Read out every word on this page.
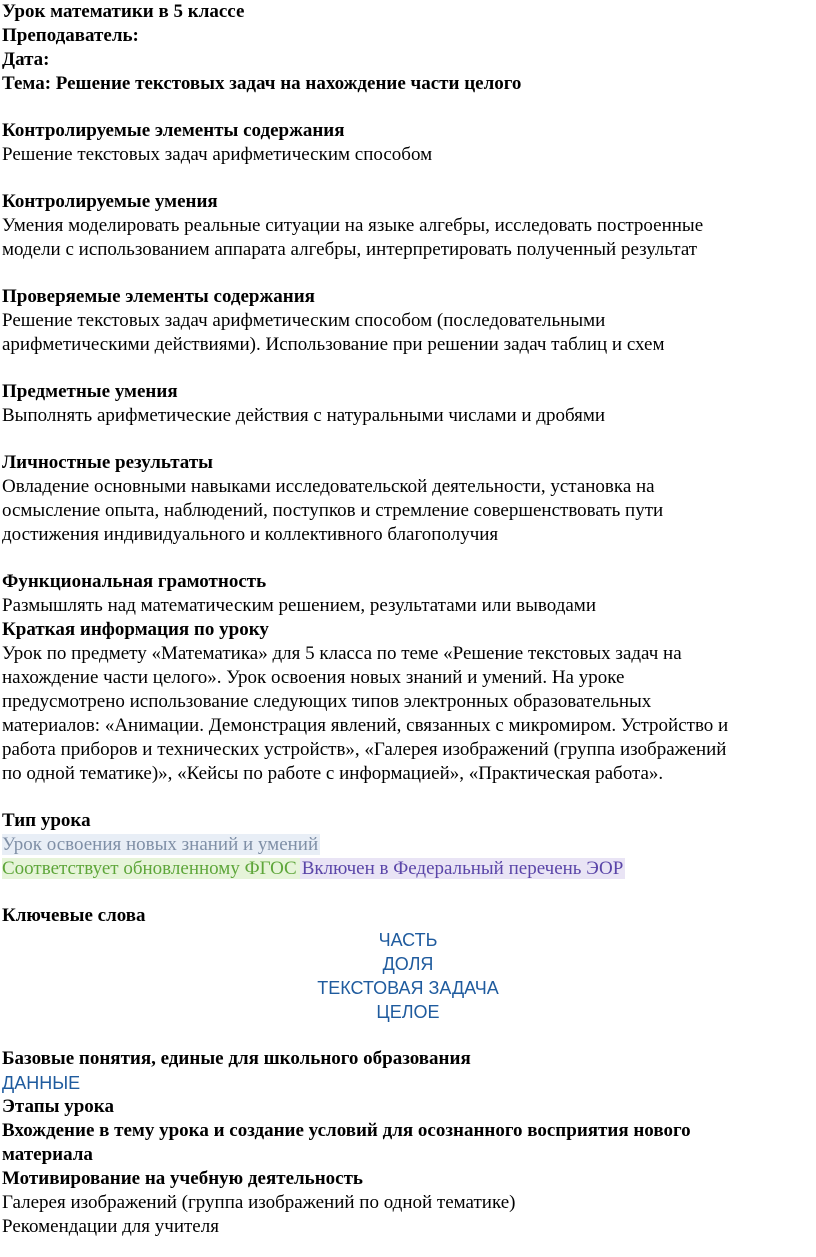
Урок математики в 5 классе
Преподаватель:
Дата:
Тема: Решение текстовых задач на нахождение части целого
Контролируемые элементы содержания
Решение текстовых задач арифметическим способом
Контролируемые умения
Умения моделировать реальные ситуации на языке алгебры, исследовать построенные
модели с использованием аппарата алгебры, интерпретировать полученный результат
Проверяемые элементы содержания
Решение текстовых задач арифметическим способом (последовательными
арифметическими действиями). Использование при решении задач таблиц и схем
Предметные умения
Выполнять арифметические действия с натуральными числами и дробями
Личностные результаты
Овладение основными навыками исследовательской деятельности, установка на
осмысление опыта, наблюдений, поступков и стремление совершенствовать пути
достижения индивидуального и коллективного благополучия
Функциональная грамотность
Размышлять над математическим решением, результатами или выводами
Краткая информация по уроку
Урок по предмету «Математика» для 5 класса по теме «Решение текстовых задач на
нахождение части целого». Урок освоения новых знаний и умений. На уроке
предусмотрено использование следующих типов электронных образовательных
материалов: «Анимации. Демонстрация явлений, связанных с микромиром. Устройство и
работа приборов и технических устройств», «Галерея изображений (группа изображений
по одной тематике)», «Кейсы по работе с информацией», «Практическая работа».
Тип урока
Урок освоения новых знаний и умений
Соответствует обновленному ФГОС Включен в Федеральный перечень ЭОР
Ключевые слова
ЧАСТЬ
ДОЛЯ
ТЕКСТОВАЯ ЗАДАЧА
ЦЕЛОЕ
Базовые понятия, единые для школьного образования
ДАННЫЕ
Этапы урока
Вхождение в тему урока и создание условий для осознанного восприятия нового
материала
Мотивирование на учебную деятельность
Галерея изображений (группа изображений по одной тематике)
Рекомендации для учителя
